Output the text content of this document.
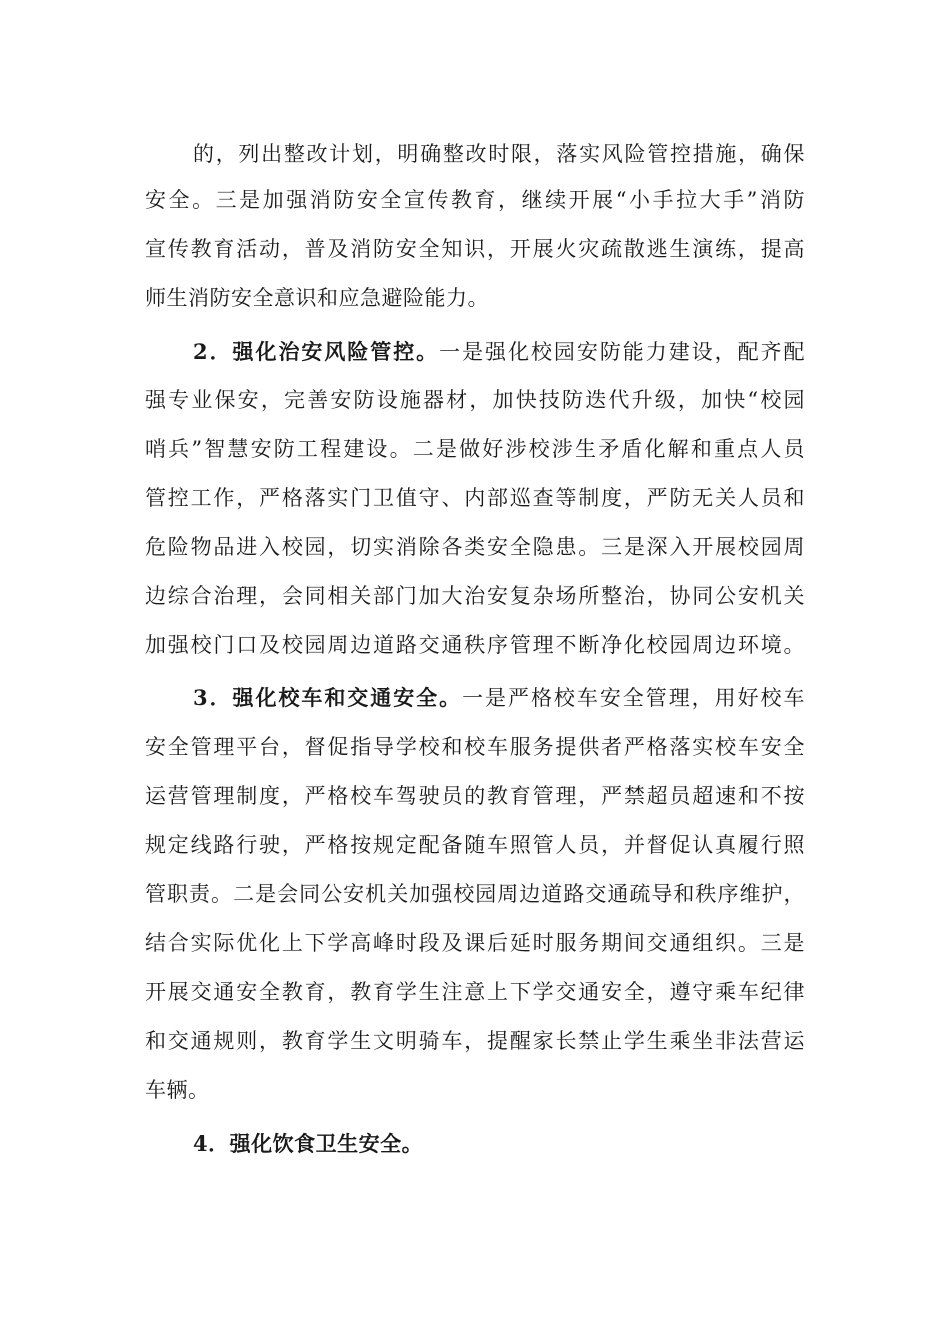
的，列出整改计划，明确整改时限，落实风险管控措施，确保
安全。三是加强消防安全宣传教育，继续开展“小手拉大手”消防
宣传教育活动，普及消防安全知识，开展火灾疏散逃生演练，提高
师生消防安全意识和应急避险能力。
2．强化治安风险管控。一是强化校园安防能力建设，配齐配
强专业保安，完善安防设施器材，加快技防迭代升级，加快“校园
哨兵”智慧安防工程建设。二是做好涉校涉生矛盾化解和重点人员
管控工作，严格落实门卫值守、内部巡查等制度，严防无关人员和
危险物品进入校园，切实消除各类安全隐患。三是深入开展校园周
边综合治理，会同相关部门加大治安复杂场所整治，协同公安机关
加强校门口及校园周边道路交通秩序管理不断净化校园周边环境。
3．强化校车和交通安全。一是严格校车安全管理，用好校车
安全管理平台，督促指导学校和校车服务提供者严格落实校车安全
运营管理制度，严格校车驾驶员的教育管理，严禁超员超速和不按
规定线路行驶，严格按规定配备随车照管人员，并督促认真履行照
管职责。二是会同公安机关加强校园周边道路交通疏导和秩序维护，
结合实际优化上下学高峰时段及课后延时服务期间交通组织。三是
开展交通安全教育，教育学生注意上下学交通安全，遵守乘车纪律
和交通规则，教育学生文明骑车，提醒家长禁止学生乘坐非法营运
车辆。
4．强化饮食卫生安全。
